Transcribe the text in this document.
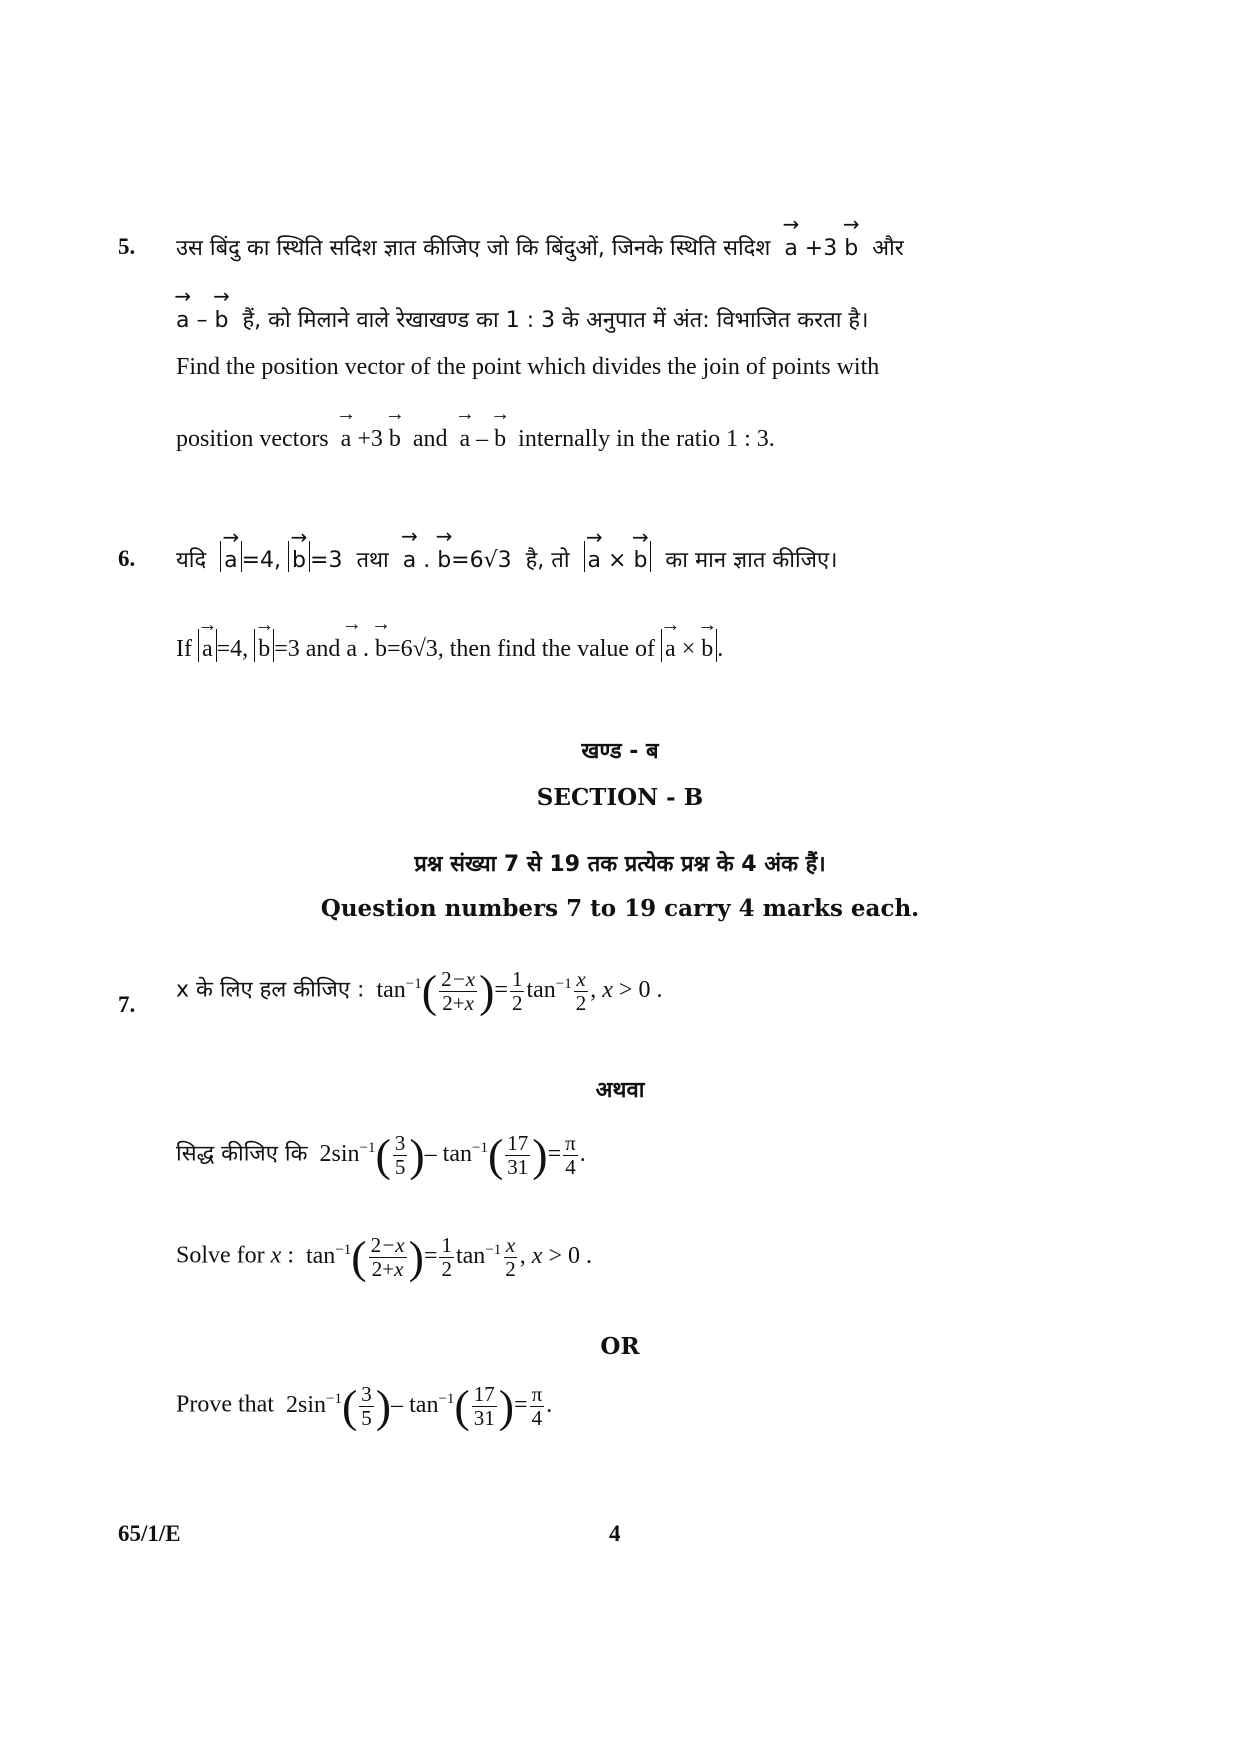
5. उस बिंदु का स्थिति सदिश ज्ञात कीजिए जो कि बिंदुओं, जिनके स्थिति सदिश → a +3 → b और
→ a – → b हैं, को मिलाने वाले रेखाखण्ड का 1 : 3 के अनुपात में अंत: विभाजित करता है।
Find the position vector of the point which divides the join of points with
position vectors → a +3 → b and → a – → b internally in the ratio 1 : 3.
6. यदि → a =4, → b =3  तथा → a . → b=6√3  है, तो → a × → b का मान ज्ञात कीजिए।
If → a =4, → b =3 and → a . → b=6√3, then find the value of → a × → b .
खण्ड - ब
SECTION - B
प्रश्न संख्या 7 से 19 तक प्रत्येक प्रश्न के 4 अंक हैं।
Question numbers 7 to 19 carry 4 marks each.
7.
x के लिए हल कीजिए : $\tan^{-1}( \frac{2-x}{2+x}$ )= $\frac{1}{2} \tan^{-1} \frac{x}{2}$ , x > 0 .
अथवा
सिद्ध कीजिए कि $2\sin^{-1}( \frac{3}{5}$ )– $\tan^{-1}( \frac{17}{31}$ )= $\frac{\pi}{4}$ .
Solve for x : $\tan^{-1}( \frac{2-x}{2+x}$ )= $\frac{1}{2} \tan^{-1} \frac{x}{2}$ , x > 0 .
OR
Prove that $2\sin^{-1}( \frac{3}{5}$ )– $\tan^{-1}( \frac{17}{31}$ )= $\frac{\pi}{4}$ .
65/1/E	4
